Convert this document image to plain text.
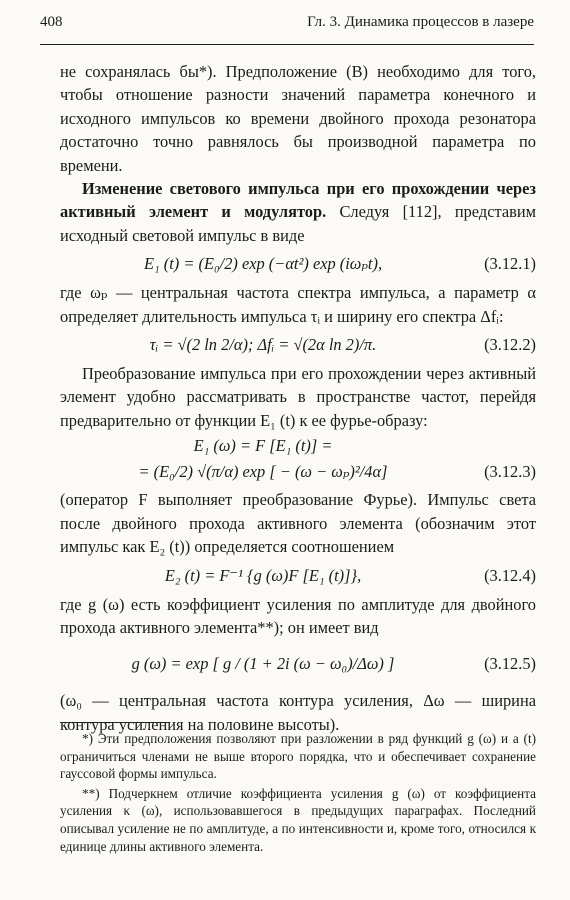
408	Гл. 3. Динамика процессов в лазере

не сохранялась бы*). Предположение (B) необходимо для того, чтобы отношение разности значений параметра конечного и исходного импульсов ко времени двойного прохода резонатора достаточно точно равнялось бы производной параметра по времени.

Изменение светового импульса при его прохождении через активный элемент и модулятор. Следуя [112], представим исходный световой импульс в виде

E₁ (t) = (E₀/2) exp (−αt²) exp (iωₚt),	(3.12.1)

где ωₚ — центральная частота спектра импульса, а параметр α определяет длительность импульса τᵢ и ширину его спектра Δfᵢ:

τᵢ = √(2 ln 2/α); Δfᵢ = √(2α ln 2)/π.	(3.12.2)

Преобразование импульса при его прохождении через активный элемент удобно рассматривать в пространстве частот, перейдя предварительно от функции E₁ (t) к ее фурье-образу:

E₁ (ω) = F [E₁ (t)] =
= (E₀/2) √(π/α) exp [ − (ω − ωₚ)²/4α]	(3.12.3)

(оператор F выполняет преобразование Фурье). Импульс света после двойного прохода активного элемента (обозначим этот импульс как E₂ (t)) определяется соотношением

E₂ (t) = F⁻¹ {g (ω)F [E₁ (t)]},	(3.12.4)

где g (ω) есть коэффициент усиления по амплитуде для двойного прохода активного элемента**); он имеет вид

g (ω) = exp [ g / (1 + 2i (ω − ω₀)/Δω) ]	(3.12.5)

(ω₀ — центральная частота контура усиления, Δω — ширина контура усиления на половине высоты).

*) Эти предположения позволяют при разложении в ряд функций g (ω) и a (t) ограничиться членами не выше второго порядка, что и обеспечивает сохранение гауссовой формы импульса.

**) Подчеркнем отличие коэффициента усиления g (ω) от коэффициента усиления κ (ω), использовавшегося в предыдущих параграфах. Последний описывал усиление не по амплитуде, а по интенсивности и, кроме того, относился к единице длины активного элемента.
